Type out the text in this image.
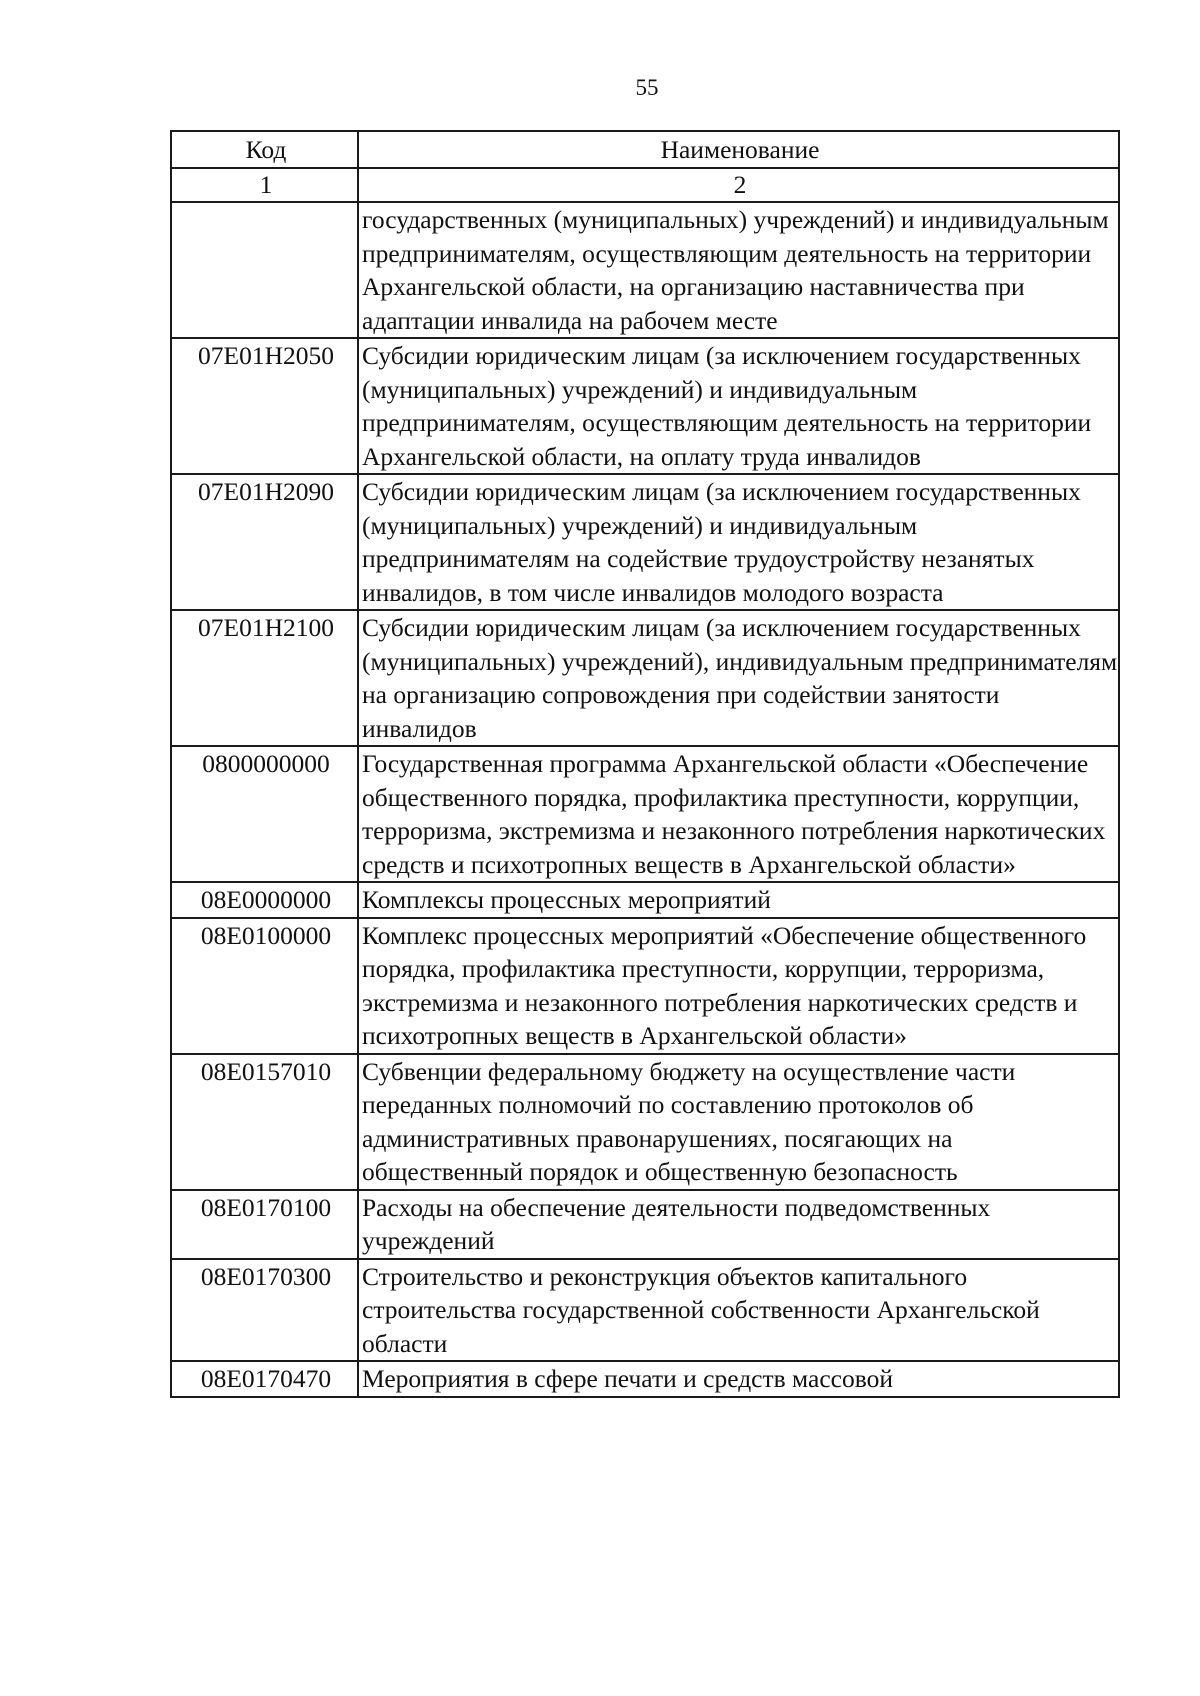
55
Код	Наименование
1	2
	государственных (муниципальных) учреждений) и индивидуальным предпринимателям, осуществляющим деятельность на территории Архангельской области, на организацию наставничества при адаптации инвалида на рабочем месте
07Е01Н2050	Субсидии юридическим лицам (за исключением государственных (муниципальных) учреждений) и индивидуальным предпринимателям, осуществляющим деятельность на территории Архангельской области, на оплату труда инвалидов
07Е01Н2090	Субсидии юридическим лицам (за исключением государственных (муниципальных) учреждений) и индивидуальным предпринимателям на содействие трудоустройству незанятых инвалидов, в том числе инвалидов молодого возраста
07Е01Н2100	Субсидии юридическим лицам (за исключением государственных (муниципальных) учреждений), индивидуальным предпринимателям на организацию сопровождения при содействии занятости инвалидов
0800000000	Государственная программа Архангельской области «Обеспечение общественного порядка, профилактика преступности, коррупции, терроризма, экстремизма и незаконного потребления наркотических средств и психотропных веществ в Архангельской области»
08Е0000000	Комплексы процессных мероприятий
08Е0100000	Комплекс процессных мероприятий «Обеспечение общественного порядка, профилактика преступности, коррупции, терроризма, экстремизма и незаконного потребления наркотических средств и психотропных веществ в Архангельской области»
08Е0157010	Субвенции федеральному бюджету на осуществление части переданных полномочий по составлению протоколов об административных правонарушениях, посягающих на общественный порядок и общественную безопасность
08Е0170100	Расходы на обеспечение деятельности подведомственных учреждений
08Е0170300	Строительство и реконструкция объектов капитального строительства государственной собственности Архангельской области
08Е0170470	Мероприятия в сфере печати и средств массовой
